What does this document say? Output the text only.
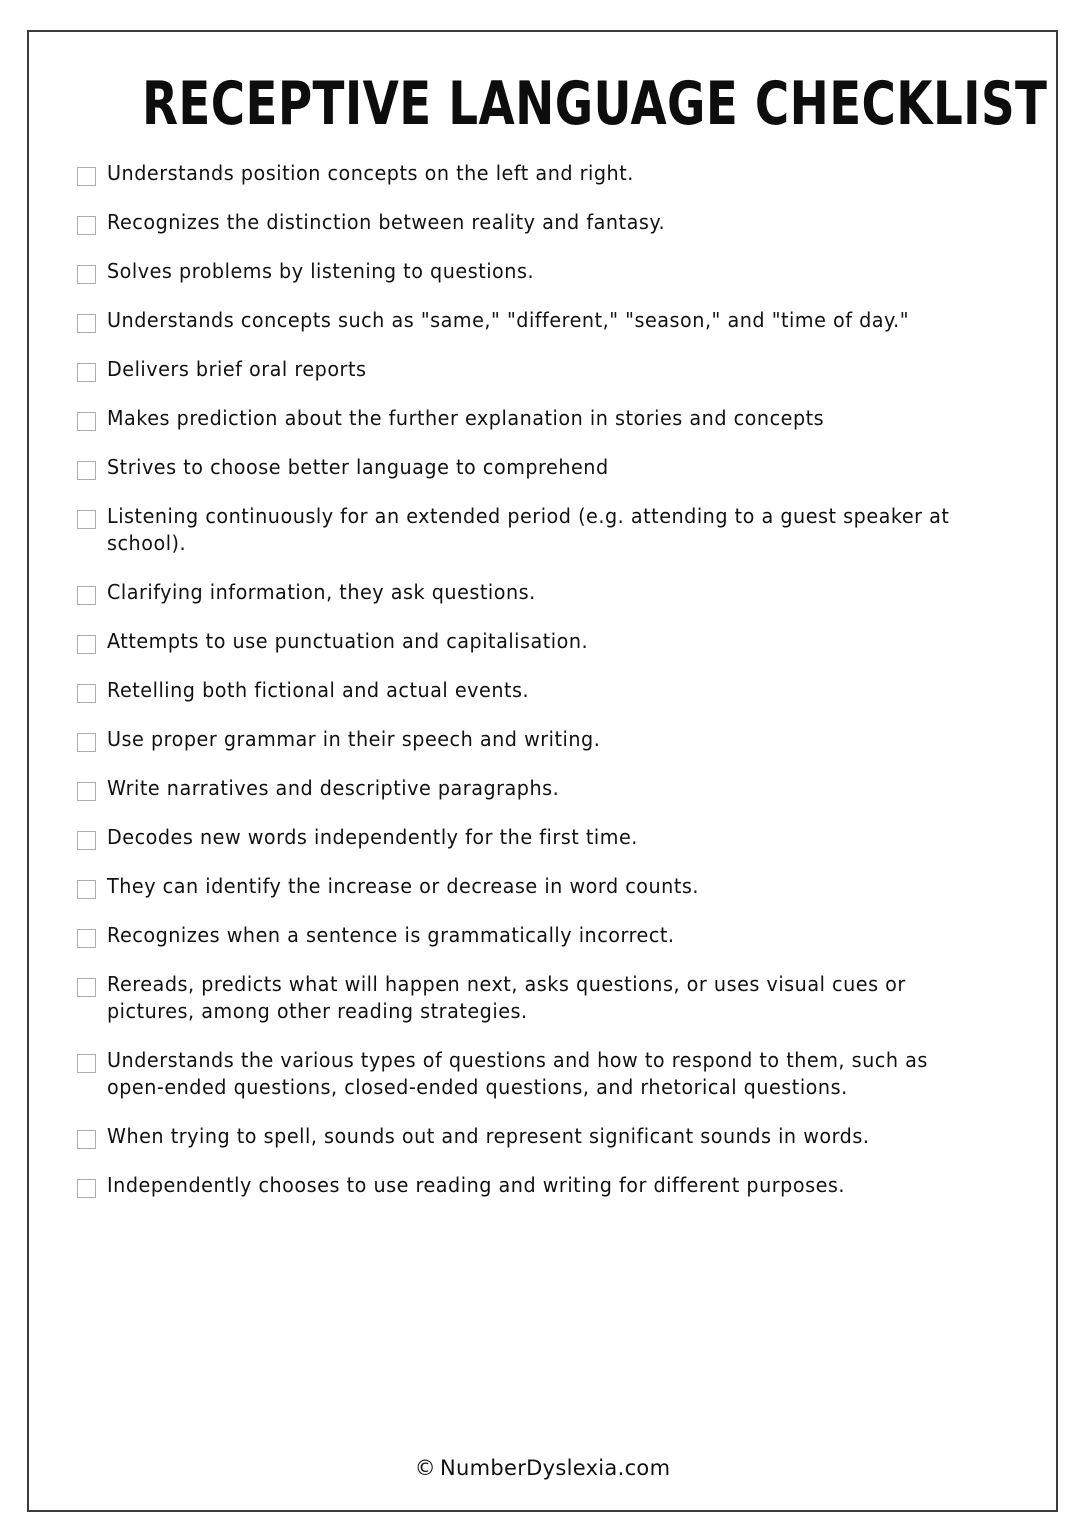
RECEPTIVE LANGUAGE CHECKLIST
Understands position concepts on the left and right.
Recognizes the distinction between reality and fantasy.
Solves problems by listening to questions.
Understands concepts such as "same," "different," "season," and "time of day."
Delivers brief oral reports
Makes prediction about the further explanation in stories and concepts
Strives to choose better language to comprehend
Listening continuously for an extended period (e.g. attending to a guest speaker at school).
Clarifying information, they ask questions.
Attempts to use punctuation and capitalisation.
Retelling both fictional and actual events.
Use proper grammar in their speech and writing.
Write narratives and descriptive paragraphs.
Decodes new words independently for the first time.
They can identify the increase or decrease in word counts.
Recognizes when a sentence is grammatically incorrect.
Rereads, predicts what will happen next, asks questions, or uses visual cues or pictures, among other reading strategies.
Understands the various types of questions and how to respond to them, such as open-ended questions, closed-ended questions, and rhetorical questions.
When trying to spell, sounds out and represent significant sounds in words.
Independently chooses to use reading and writing for different purposes.
© NumberDyslexia.com
